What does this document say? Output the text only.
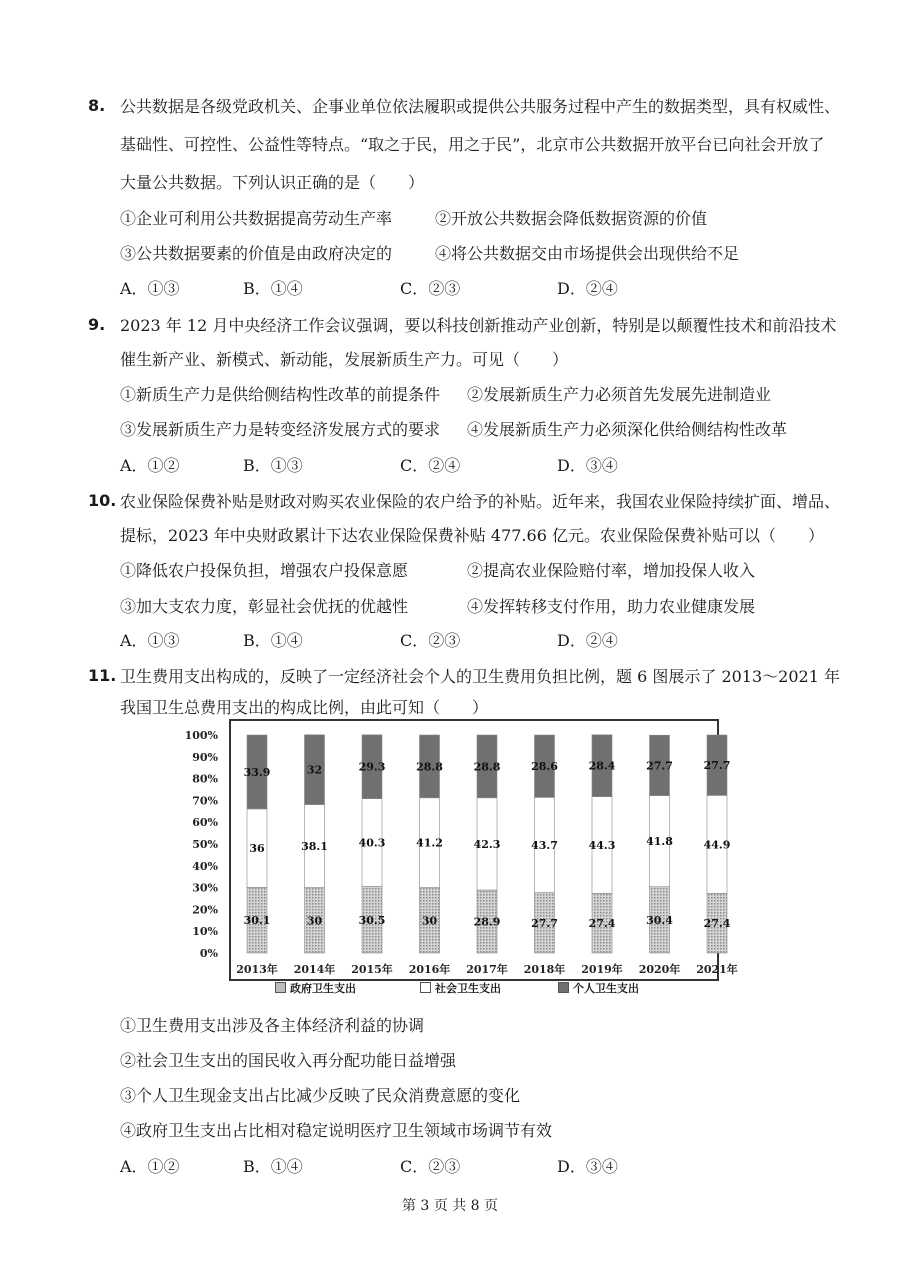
8. 公共数据是各级党政机关、企事业单位依法履职或提供公共服务过程中产生的数据类型，具有权威性、
基础性、可控性、公益性等特点。“取之于民，用之于民”，北京市公共数据开放平台已向社会开放了
大量公共数据。下列认识正确的是（　　）
①企业可利用公共数据提高劳动生产率	②开放公共数据会降低数据资源的价值
③公共数据要素的价值是由政府决定的	④将公共数据交由市场提供会出现供给不足
A．①③	B．①④	C．②③	D．②④
9. 2023 年 12 月中央经济工作会议强调，要以科技创新推动产业创新，特别是以颠覆性技术和前沿技术
催生新产业、新模式、新动能，发展新质生产力。可见（　　）
①新质生产力是供给侧结构性改革的前提条件 ②发展新质生产力必须首先发展先进制造业
③发展新质生产力是转变经济发展方式的要求 ④发展新质生产力必须深化供给侧结构性改革
A．①②	B．①③	C．②④	D．③④
10. 农业保险保费补贴是财政对购买农业保险的农户给予的补贴。近年来，我国农业保险持续扩面、增品、
提标，2023 年中央财政累计下达农业保险保费补贴 477.66 亿元。农业保险保费补贴可以（　　）
①降低农户投保负担，增强农户投保意愿	②提高农业保险赔付率，增加投保人收入
③加大支农力度，彰显社会优抚的优越性	④发挥转移支付作用，助力农业健康发展
A．①③	B．①④	C．②③	D．②④
11. 卫生费用支出构成的，反映了一定经济社会个人的卫生费用负担比例，题 6 图展示了 2013～2021 年
我国卫生总费用支出的构成比例，由此可知（　　）
0%
10%
20%
30%
40%
50%
60%
70%
80%
90%
100%
30.1
36
33.9
2013年
30
38.1
32
2014年
30.5
40.3
29.3
2015年
30
41.2
28.8
2016年
28.9
42.3
28.8
2017年
27.7
43.7
28.6
2018年
27.4
44.3
28.4
2019年
30.4
41.8
27.7
2020年
27.4
44.9
27.7
2021年
政府卫生支出	社会卫生支出	个人卫生支出
①卫生费用支出涉及各主体经济利益的协调
②社会卫生支出的国民收入再分配功能日益增强
③个人卫生现金支出占比减少反映了民众消费意愿的变化
④政府卫生支出占比相对稳定说明医疗卫生领域市场调节有效
A．①②	B．①④	C．②③	D．③④
第 3 页 共 8 页
